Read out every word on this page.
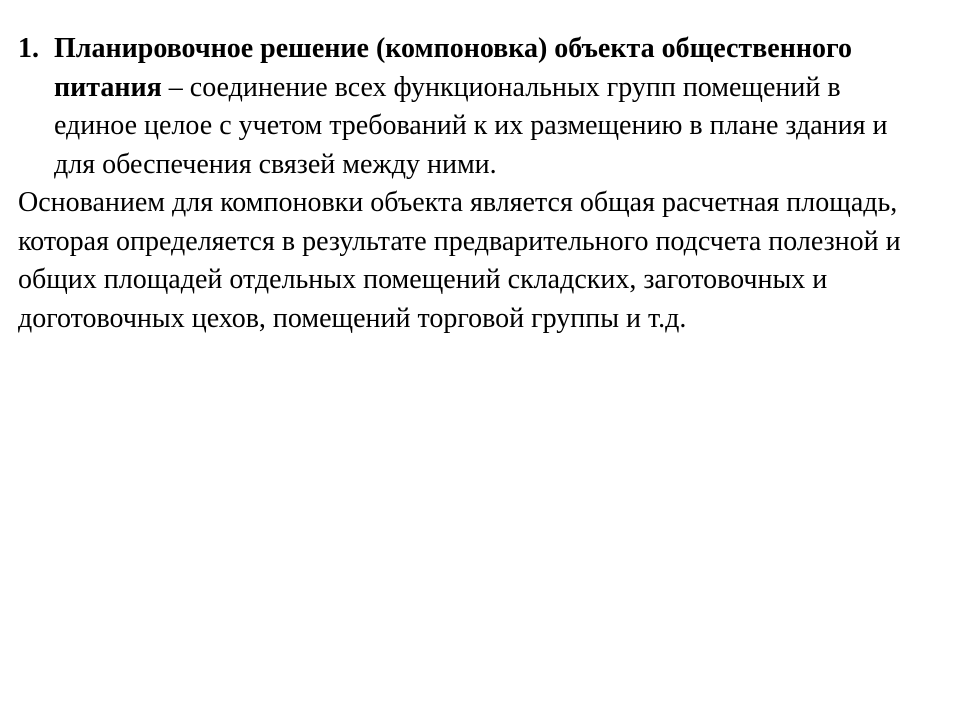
1. Планировочное решение (компоновка) объекта общественного питания – соединение всех функциональных групп помещений в единое целое с учетом требований к их размещению в плане здания и для обеспечения связей между ними.

Основанием для компоновки объекта является общая расчетная площадь, которая определяется в результате предварительного подсчета полезной и общих площадей отдельных помещений складских, заготовочных и доготовочных цехов, помещений торговой группы и т.д.
